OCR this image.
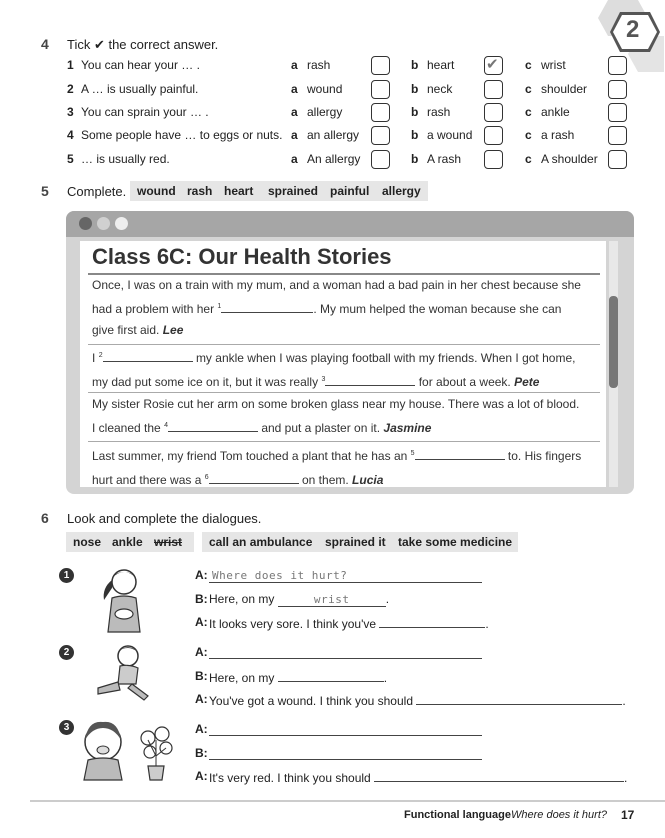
2
4 Tick ✔ the correct answer.
1 You can hear your … .	a rash	b heart ✔ c wrist
2 A … is usually painful.	a wound	b neck	c shoulder
3 You can sprain your … .	a allergy	b rash	c ankle
4 Some people have … to eggs or nuts. a an allergy	b a wound	c a rash
5 … is usually red.	a An allergy	b A rash	c A shoulder
5 Complete. wound rash heart sprained painful allergy
Class 6C: Our Health Stories
Once, I was on a train with my mum, and a woman had a bad pain in her chest because she
had a problem with her $^1$	. My mum helped the woman because she can
give first aid. Lee
I $^2$	my ankle when I was playing football with my friends. When I got home,
my dad put some ice on it, but it was really $^3$	for about a week. Pete
My sister Rosie cut her arm on some broken glass near my house. There was a lot of blood.
I cleaned the $^4$	and put a plaster on it. Jasmine
Last summer, my friend Tom touched a plant that he has an $^5$	to. His fingers
hurt and there was a $^6$	on them. Lucia
6 Look and complete the dialogues.
nose ankle wrist call an ambulance sprained it take some medicine
1	A: Where does it hurt?
B: Here, on my	wrist	.
A: It looks very sore. I think you've	.
2	A:
B: Here, on my	.
A: You've got a wound. I think you should	.
3	A:
B:
A: It's very red. I think you should	.
Functional language Where does it hurt? 17
